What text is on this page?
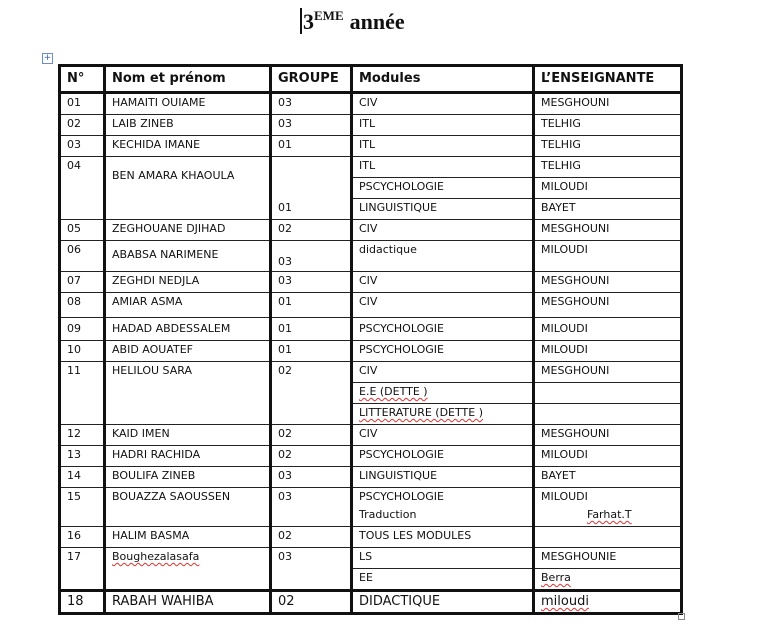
3EME année
+
N°	Nom et prénom	GROUPE	Modules	L’ENSEIGNANTE
01	HAMAITI OUIAME	03	CIV	MESGHOUNI
02	LAIB ZINEB	03	ITL	TELHIG
03	KECHIDA IMANE	01	ITL	TELHIG
04	BEN AMARA KHAOULA	01	ITL	TELHIG
			PSCYCHOLOGIE	MILOUDI
			LINGUISTIQUE	BAYET
05	ZEGHOUANE DJIHAD	02	CIV	MESGHOUNI
06	ABABSA NARIMENE	03	didactique	MILOUDI
07	ZEGHDI NEDJLA	03	CIV	MESGHOUNI
08	AMIAR ASMA	01	CIV	MESGHOUNI
09	HADAD ABDESSALEM	01	PSCYCHOLOGIE	MILOUDI
10	ABID AOUATEF	01	PSCYCHOLOGIE	MILOUDI
11	HELILOU SARA	02	CIV	MESGHOUNI
			E.E (DETTE )	
			LITTERATURE (DETTE )	
12	KAID IMEN	02	CIV	MESGHOUNI
13	HADRI RACHIDA	02	PSCYCHOLOGIE	MILOUDI
14	BOULIFA ZINEB	03	LINGUISTIQUE	BAYET
15	BOUAZZA SAOUSSEN	03	PSCYCHOLOGIE	MILOUDI
			Traduction	Farhat.T
16	HALIM BASMA	02	TOUS LES MODULES	
17	Boughezalasafa	03	LS	MESGHOUNIE
			EE	Berra
18	RABAH WAHIBA	02	DIDACTIQUE	miloudi
